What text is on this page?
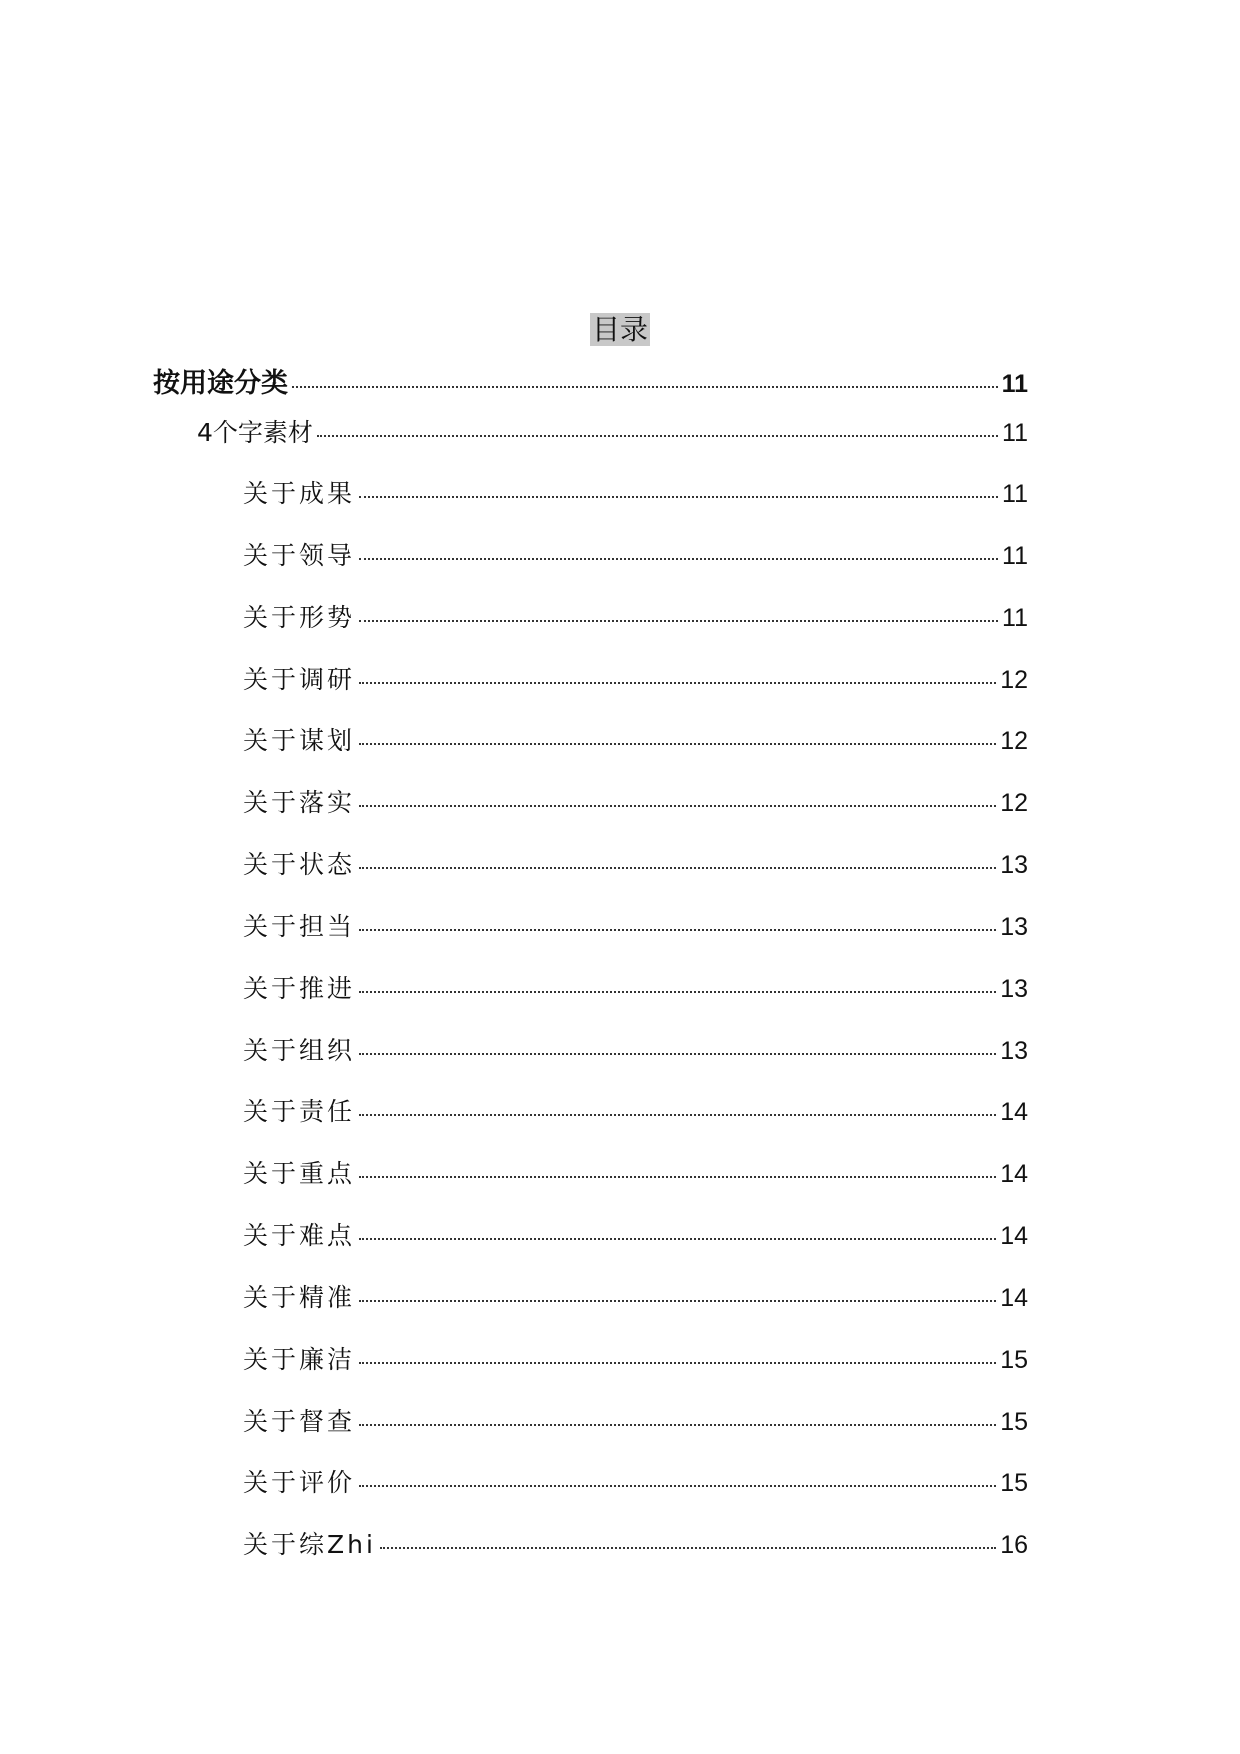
目录
按用途分类	11
4个字素材	11
关于成果	11
关于领导	11
关于形势	11
关于调研	12
关于谋划	12
关于落实	12
关于状态	13
关于担当	13
关于推进	13
关于组织	13
关于责任	14
关于重点	14
关于难点	14
关于精准	14
关于廉洁	15
关于督查	15
关于评价	15
关于综Zhi	16
